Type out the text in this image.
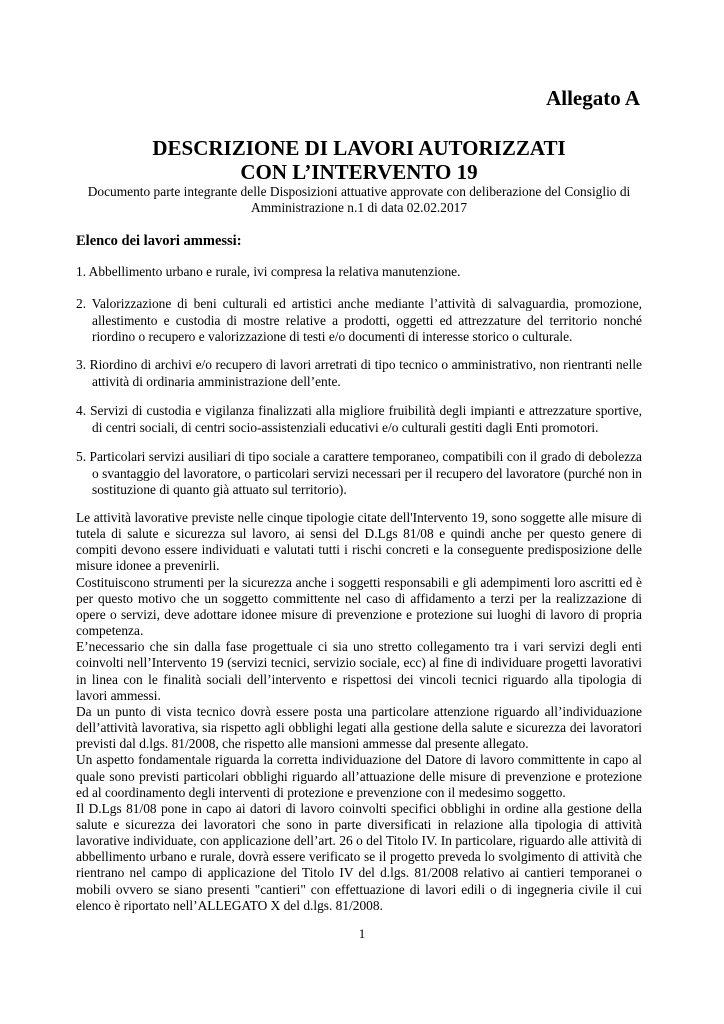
Allegato A
DESCRIZIONE DI LAVORI AUTORIZZATI
CON L’INTERVENTO 19
Documento parte integrante delle Disposizioni attuative approvate con deliberazione del Consiglio di Amministrazione n.1 di data 02.02.2017
Elenco dei lavori ammessi:
1. Abbellimento urbano e rurale, ivi compresa la relativa manutenzione.
2. Valorizzazione di beni culturali ed artistici anche mediante l’attività di salvaguardia, promozione, allestimento e custodia di mostre relative a prodotti, oggetti ed attrezzature del territorio nonché riordino o recupero e valorizzazione di testi e/o documenti di interesse storico o culturale.
3. Riordino di archivi e/o recupero di lavori arretrati di tipo tecnico o amministrativo, non rientranti nelle attività di ordinaria amministrazione dell’ente.
4. Servizi di custodia e vigilanza finalizzati alla migliore fruibilità degli impianti e attrezzature sportive, di centri sociali, di centri socio-assistenziali educativi e/o culturali gestiti dagli Enti promotori.
5. Particolari servizi ausiliari di tipo sociale a carattere temporaneo, compatibili con il grado di debolezza o svantaggio del lavoratore, o particolari servizi necessari per il recupero del lavoratore (purché non in sostituzione di quanto già attuato sul territorio).

Le attività lavorative previste nelle cinque tipologie citate dell'Intervento 19, sono soggette alle misure di tutela di salute e sicurezza sul lavoro, ai sensi del D.Lgs 81/08 e quindi anche per questo genere di compiti devono essere individuati e valutati tutti i rischi concreti e la conseguente predisposizione delle misure idonee a prevenirli.

Costituiscono strumenti per la sicurezza anche i soggetti responsabili e gli adempimenti loro ascritti ed è per questo motivo che un soggetto committente nel caso di affidamento a terzi per la realizzazione di opere o servizi, deve adottare idonee misure di prevenzione e protezione sui luoghi di lavoro di propria competenza.

E’necessario che sin dalla fase progettuale ci sia uno stretto collegamento tra i vari servizi degli enti coinvolti nell’Intervento 19 (servizi tecnici, servizio sociale, ecc) al fine di individuare progetti lavorativi in linea con le finalità sociali dell’intervento e rispettosi dei vincoli tecnici riguardo alla tipologia di lavori ammessi.

Da un punto di vista tecnico dovrà essere posta una particolare attenzione riguardo all’individuazione dell’attività lavorativa, sia rispetto agli obblighi legati alla gestione della salute e sicurezza dei lavoratori previsti dal d.lgs. 81/2008, che rispetto alle mansioni ammesse dal presente allegato.

Un aspetto fondamentale riguarda la corretta individuazione del Datore di lavoro committente in capo al quale sono previsti particolari obblighi riguardo all’attuazione delle misure di prevenzione e protezione ed al coordinamento degli interventi di protezione e prevenzione con il medesimo soggetto.

Il D.Lgs 81/08 pone in capo ai datori di lavoro coinvolti specifici obblighi in ordine alla gestione della salute e sicurezza dei lavoratori che sono in parte diversificati in relazione alla tipologia di attività lavorative individuate, con applicazione dell’art. 26 o del Titolo IV. In particolare, riguardo alle attività di abbellimento urbano e rurale, dovrà essere verificato se il progetto preveda lo svolgimento di attività che rientrano nel campo di applicazione del Titolo IV del d.lgs. 81/2008 relativo ai cantieri temporanei o mobili ovvero se siano presenti "cantieri" con effettuazione di lavori edili o di ingegneria civile il cui elenco è riportato nell’ALLEGATO X del d.lgs. 81/2008.

1
